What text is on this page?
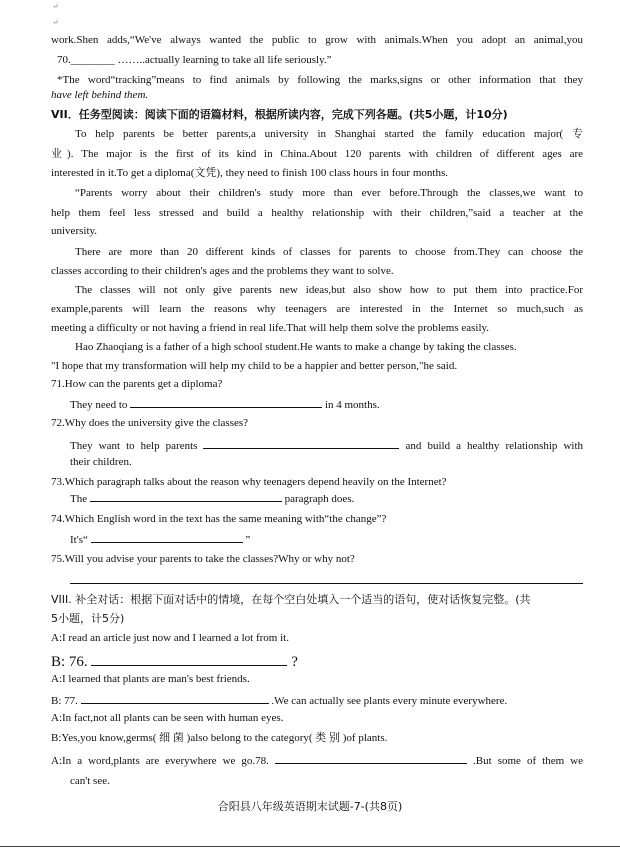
↵
↵
work.Shen adds,“We've always wanted the public to grow with animals.When you adopt an animal,you
70.________ ……..actually learning to take all life seriously.”
*The word“tracking”means to find animals by following the marks,signs or other information that they
have left behind them.
VII．任务型阅读：阅读下面的语篇材料，根据所读内容，完成下列各题。(共5小题，计10分)
To help parents be better parents,a university in Shanghai started the family education major( 专
业). The major is the first of its kind in China.About 120 parents with children of different ages are
interested in it.To get a diploma(文凭), they need to finish 100 class hours in four months.
“Parents worry about their children's study more than ever before.Through the classes,we want to
help them feel less stressed and build a healthy relationship with their children,”said a teacher at the
university.
There are more than 20 different kinds of classes for parents to choose from.They can choose the
classes according to their children's ages and the problems they want to solve.
The classes will not only give parents new ideas,but also show how to put them into practice.For
example,parents will learn the reasons why teenagers are interested in the Internet so much,such as
meeting a difficulty or not having a friend in real life.That will help them solve the problems easily.
Hao Zhaoqiang is a father of a high school student.He wants to make a change by taking the classes.
"I hope that my transformation will help my child to be a happier and better person,"he said.
71.How can the parents get a diploma?
They need to	in 4 months.
72.Why does the university give the classes?
They want to help parents	and build a healthy relationship with
their children.
73.Which paragraph talks about the reason why teenagers depend heavily on the Internet?
The	paragraph does.
74.Which English word in the text has the same meaning with“the change”?
It's“	”
75.Will you advise your parents to take the classes?Why or why not?
VIII. 补全对话：根据下面对话中的情境，在每个空白处填入一个适当的语句，使对话恢复完整。(共
5小题，计5分)
A:I read an article just now and I learned a lot from it.
B: 76.	?
A:I learned that plants are man's best friends.
B: 77.	.We can actually see plants every minute everywhere.
A:In fact,not all plants can be seen with human eyes.
B:Yes,you know,germs( 细 菌 )also belong to the category( 类 别 )of plants.
A:In a word,plants are everywhere we go.78.	.But some of them we
can't see.
合阳县八年级英语期末试题-7-(共8页)
